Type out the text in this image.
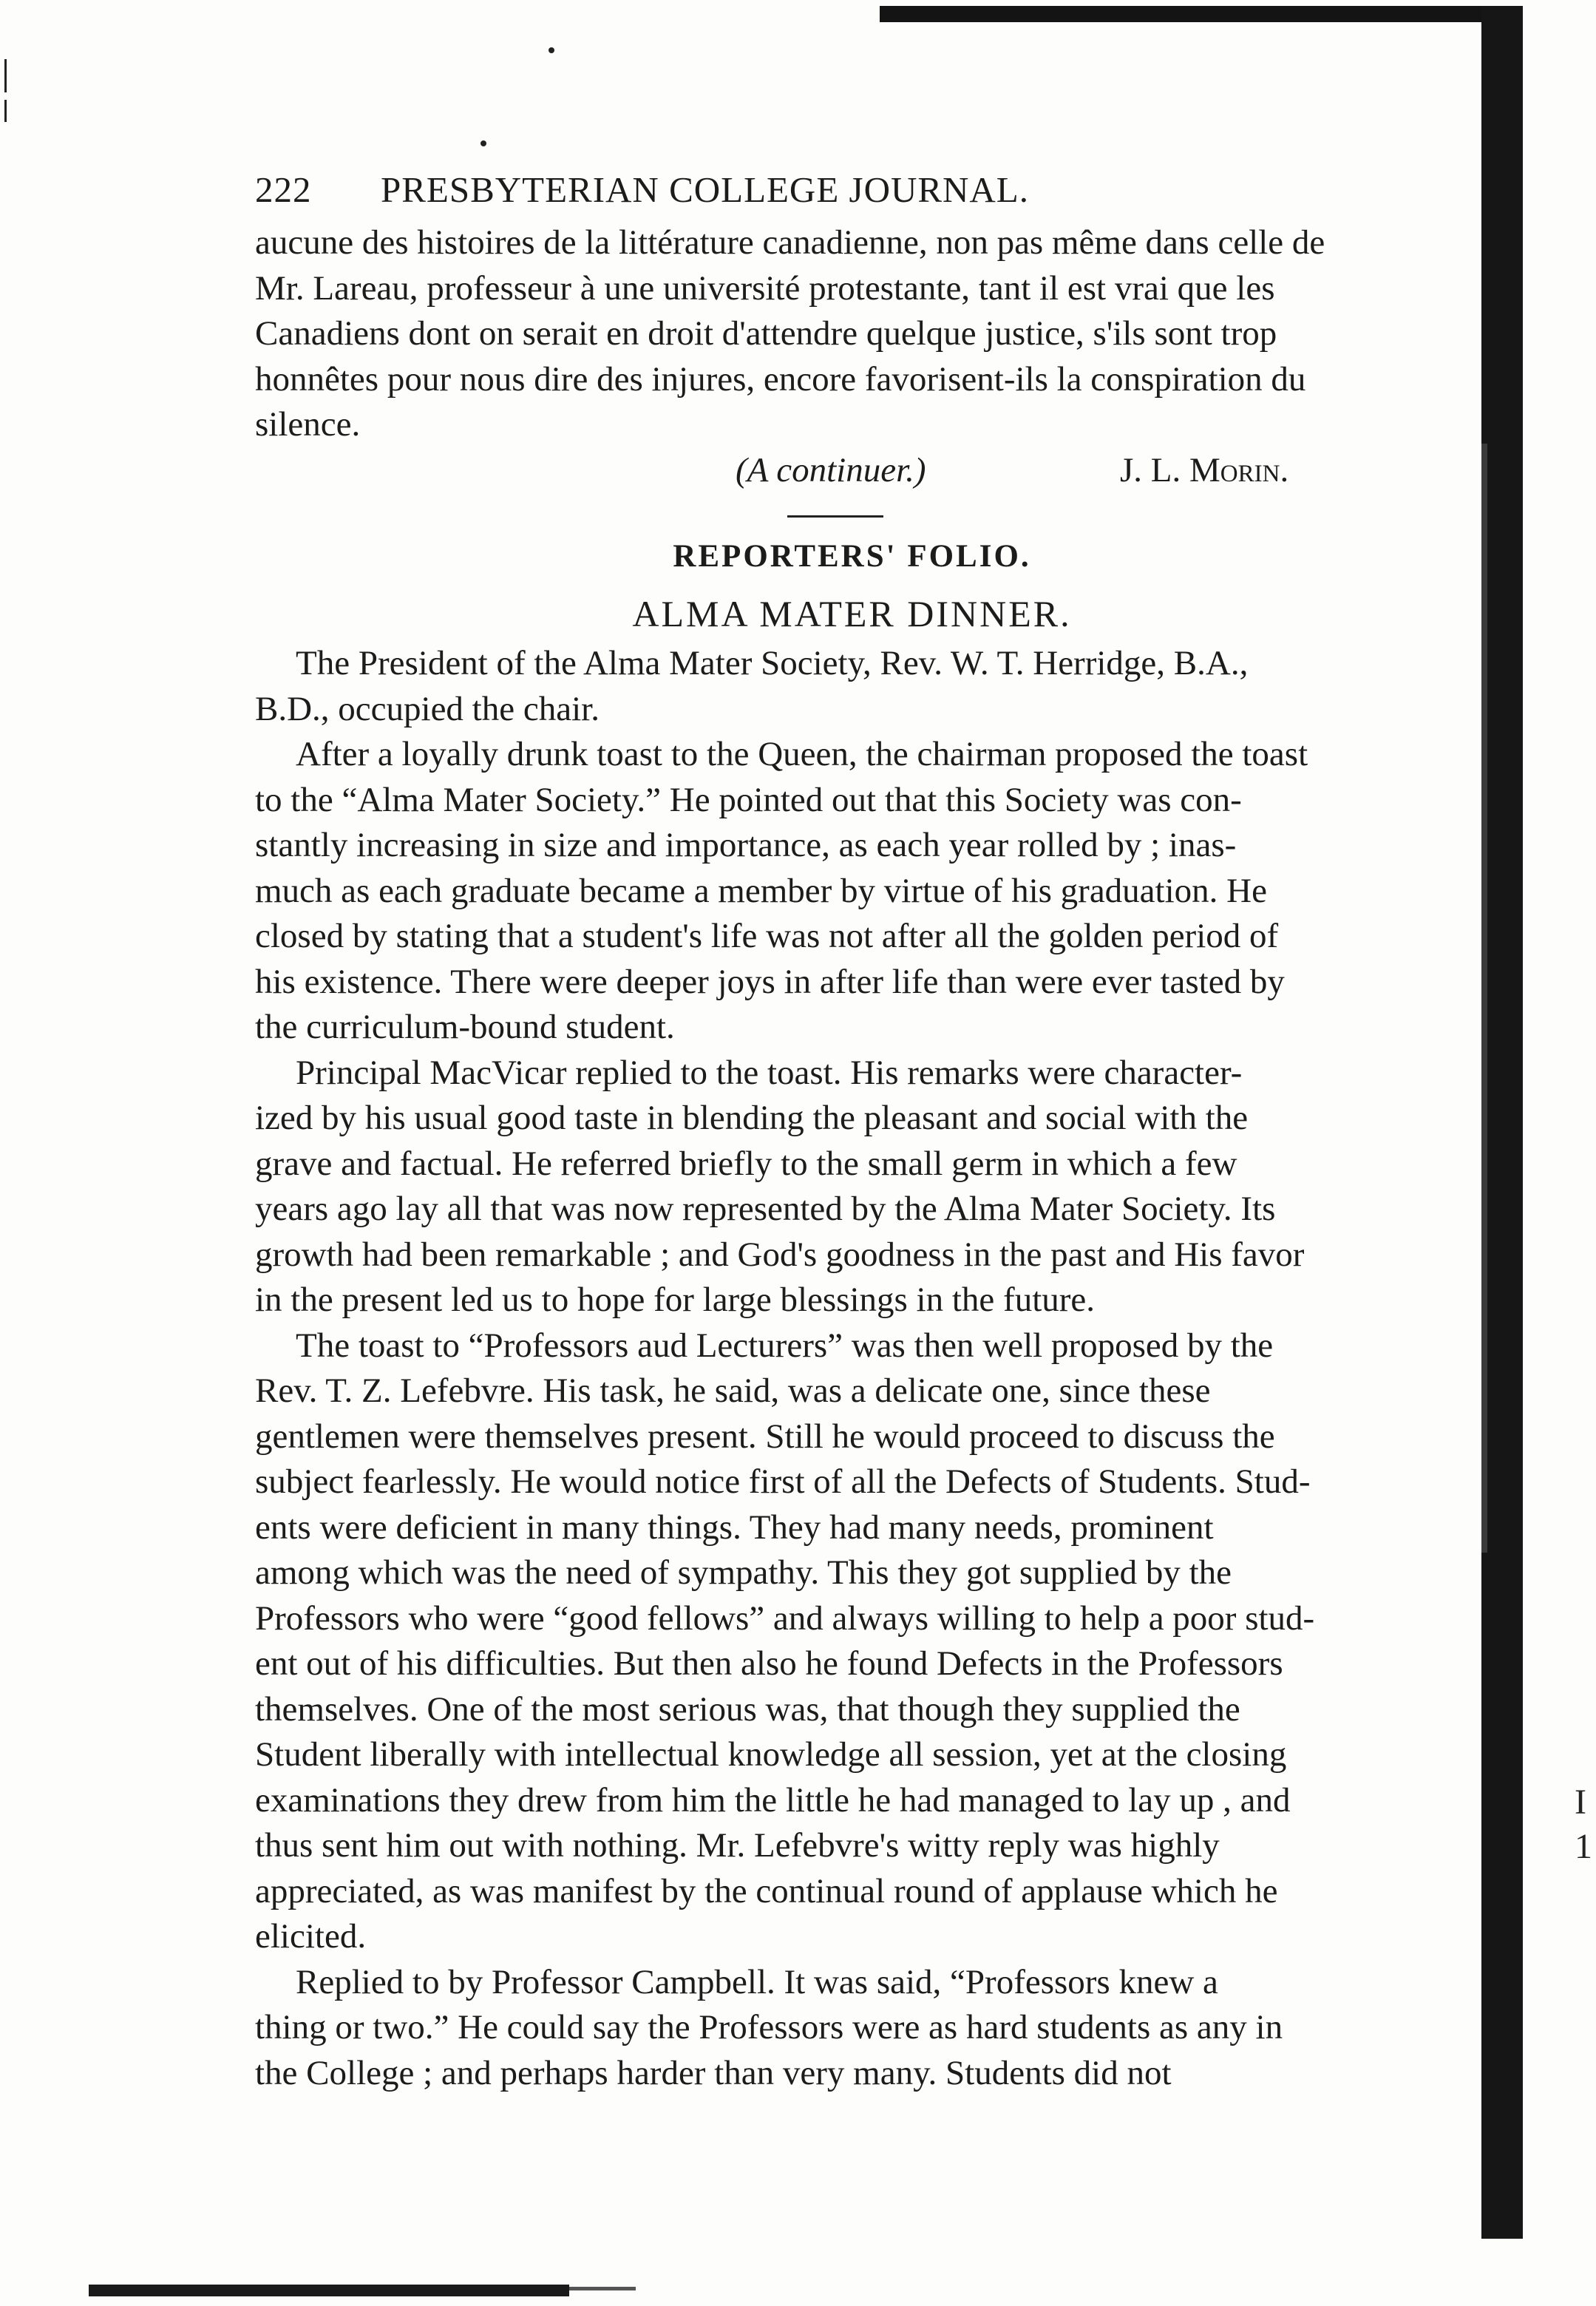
222	PRESBYTERIAN COLLEGE JOURNAL.
aucune des histoires de la littérature canadienne, non pas même dans celle de
Mr. Lareau, professeur à une université protestante, tant il est vrai que les
Canadiens dont on serait en droit d'attendre quelque justice, s'ils sont trop
honnêtes pour nous dire des injures, encore favorisent-ils la conspiration du
silence.
(A continuer.)	J. L. Morin.
REPORTERS' FOLIO.
ALMA MATER DINNER.
The President of the Alma Mater Society, Rev. W. T. Herridge, B.A.,
B.D., occupied the chair.
After a loyally drunk toast to the Queen, the chairman proposed the toast
to the “Alma Mater Society.” He pointed out that this Society was con-
stantly increasing in size and importance, as each year rolled by ; inas-
much as each graduate became a member by virtue of his graduation. He
closed by stating that a student's life was not after all the golden period of
his existence. There were deeper joys in after life than were ever tasted by
the curriculum-bound student.
Principal MacVicar replied to the toast. His remarks were character-
ized by his usual good taste in blending the pleasant and social with the
grave and factual. He referred briefly to the small germ in which a few
years ago lay all that was now represented by the Alma Mater Society. Its
growth had been remarkable ; and God's goodness in the past and His favor
in the present led us to hope for large blessings in the future.
The toast to “Professors aud Lecturers” was then well proposed by the
Rev. T. Z. Lefebvre. His task, he said, was a delicate one, since these
gentlemen were themselves present. Still he would proceed to discuss the
subject fearlessly. He would notice first of all the Defects of Students. Stud-
ents were deficient in many things. They had many needs, prominent
among which was the need of sympathy. This they got supplied by the
Professors who were “good fellows” and always willing to help a poor stud-
ent out of his difficulties. But then also he found Defects in the Professors
themselves. One of the most serious was, that though they supplied the
Student liberally with intellectual knowledge all session, yet at the closing
examinations they drew from him the little he had managed to lay up , and
thus sent him out with nothing. Mr. Lefebvre's witty reply was highly
appreciated, as was manifest by the continual round of applause which he
elicited.
Replied to by Professor Campbell. It was said, “Professors knew a
thing or two.” He could say the Professors were as hard students as any in
the College ; and perhaps harder than very many. Students did not
I
1
